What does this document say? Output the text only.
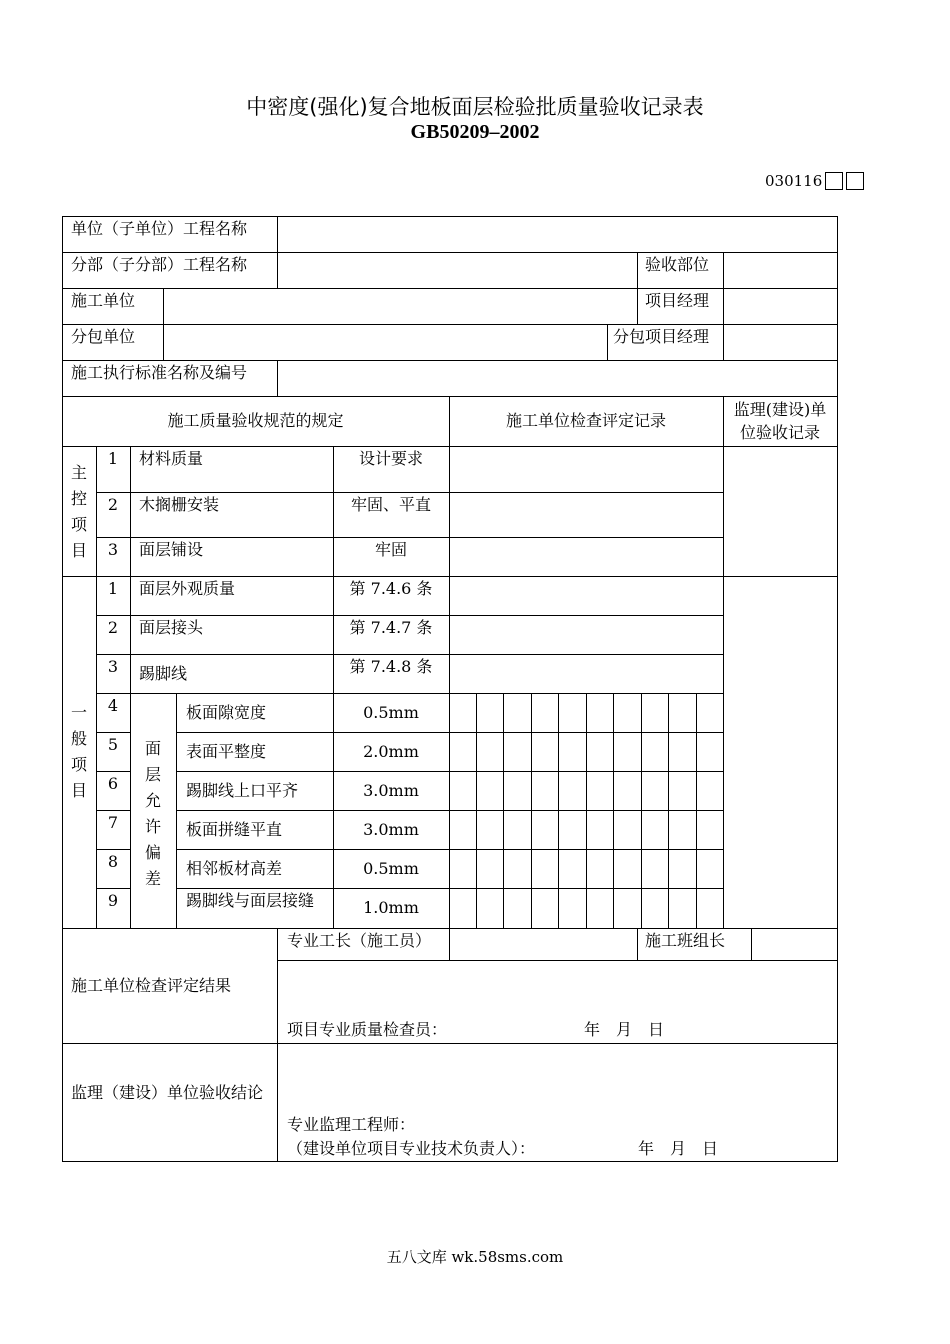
中密度(强化)复合地板面层检验批质量验收记录表
GB50209‒2002
030116
单位（子单位）工程名称
分部（子分部）工程名称	验收部位
施工单位	项目经理
分包单位	分包项目经理
施工执行标准名称及编号
施工质量验收规范的规定	施工单位检查评定记录
监理(建设)单位验收记录
主控项目
1	材料质量	设计要求
2	木搁栅安装	牢固、平直
3	面层铺设	牢固
一般项目
1	面层外观质量	第 7.4.6 条
2	面层接头	第 7.4.7 条
3	踢脚线	第 7.4.8 条
面层允许偏差
4	板面隙宽度	0.5mm
5	表面平整度	2.0mm
6	踢脚线上口平齐	3.0mm
7	板面拼缝平直	3.0mm
8	相邻板材高差	0.5mm
9	踢脚线与面层接缝	1.0mm
专业工长（施工员）	施工班组长
施工单位检查评定结果
项目专业质量检查员：	年　月　日
监理（建设）单位验收结论
专业监理工程师：
（建设单位项目专业技术负责人）：	年　月　日
五八文库 wk.58sms.com
